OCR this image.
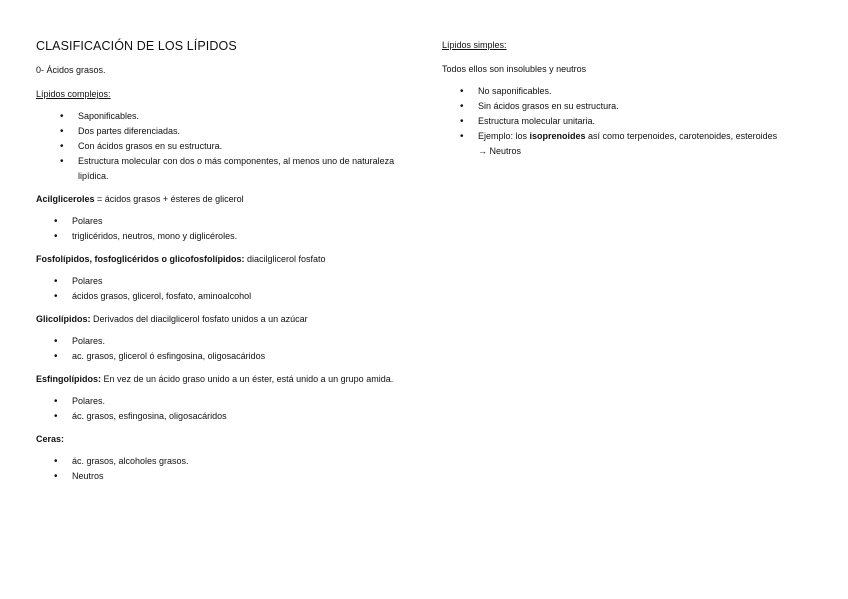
CLASIFICACIÓN DE LOS LÍPIDOS

0- Ácidos grasos.

Lípidos complejos:

• Saponificables.
• Dos partes diferenciadas.
• Con ácidos grasos en su estructura.
• Estructura molecular con dos o más componentes, al menos uno de naturaleza lipídica.

Acilgliceroles = ácidos grasos + ésteres de glicerol

• Polares
• triglicéridos, neutros, mono y diglicéroles.

Fosfolípidos, fosfoglicéridos o glicofosfolípidos: diacilglicerol fosfato

• Polares
• ácidos grasos, glicerol, fosfato, aminoalcohol

Glicolípidos: Derivados del diacilglicerol fosfato unidos a un azúcar

• Polares.
• ac. grasos, glicerol ó esfingosina, oligosacáridos

Esfingolípidos: En vez de un ácido graso unido a un éster, está unido a un grupo amida.

• Polares.
• ác. grasos, esfingosina, oligosacáridos

Ceras:

• ác. grasos, alcoholes grasos.
• Neutros

Lípidos simples:

Todos ellos son insolubles y neutros

• No saponificables.
• Sin ácidos grasos en su estructura.
• Estructura molecular unitaria.
• Ejemplo: los isoprenoides así como terpenoides, carotenoides, esteroides → Neutros
